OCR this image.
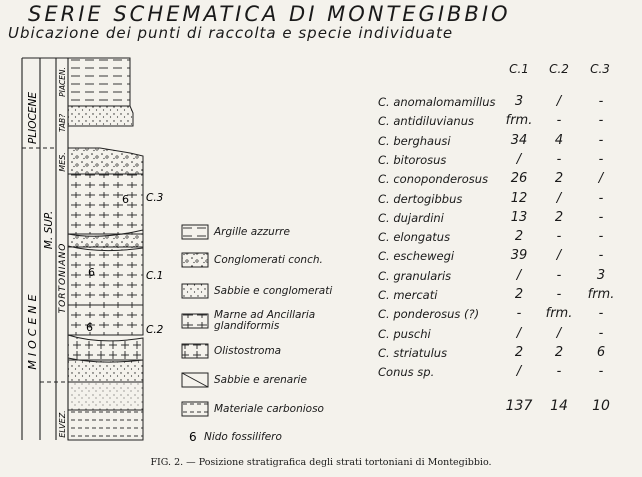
SERIE SCHEMATICA DI MONTEGIBBIO
Ubicazione dei punti di raccolta e specie individuate
6
6
6
PLIOCENE
MIOCENE
M. SUP.
PIACEN.
TAB?
MES.
TORTONIANO
ELVEZ.
C.3
C.1
C.2
6
Argille azzurre
Conglomerati conch.
Sabbie e conglomerati
Marne ad Ancillaria glandiformis
Olistostroma
Sabbie e arenarie
Materiale carbonioso
Nido fossilifero
C.1	C.2	C.3
C. anomalomamillus	3	/	-
C. antidiluvianus	frm.	-	-
C. berghausi	34	4	-
C. bitorosus	/	-	-
C. conoponderosus	26	2	/
C. dertogibbus	12	/	-
C. dujardini	13	2	-
C. elongatus	2	-	-
C. eschewegi	39	/	-
C. granularis	/	-	3
C. mercati	2	-	frm.
C. ponderosus (?)	-	frm.	-
C. puschi	/	/	-
C. striatulus	2	2	6
Conus sp.	/	-	-
137	14	10
FIG. 2. — Posizione stratigrafica degli strati tortoniani di Montegibbio.
